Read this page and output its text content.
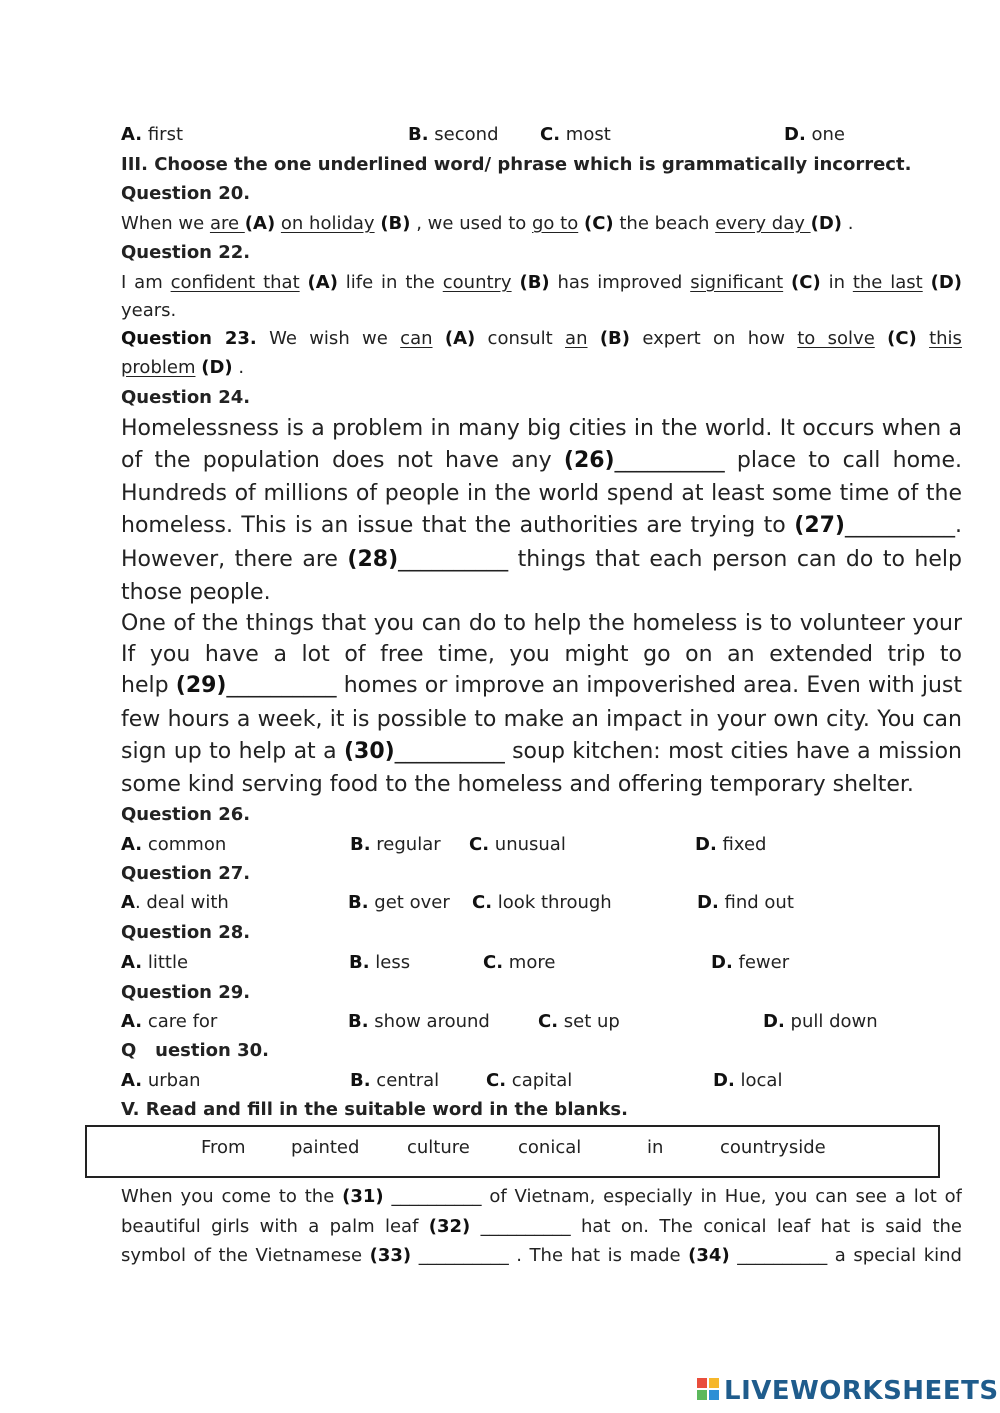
A. first	B. second C. most	D. one
III. Choose the one underlined word/ phrase which is grammatically incorrect.
Question 20.
When we are (A) on holiday (B) , we used to go to (C) the beach every day (D) .
Question 22.
I am confident that (A) life in the country (B) has improved significant (C) in the last (D)
years.
Question 23. We wish we can (A) consult an (B) expert on how to solve (C) this
problem (D) .
Question 24.
Homelessness is a problem in many big cities in the world. It occurs when a
of the population does not have any (26)__________ place to call home.
Hundreds of millions of people in the world spend at least some time of the
homeless. This is an issue that the authorities are trying to (27)__________.
However, there are (28)__________ things that each person can do to help
those people.
One of the things that you can do to help the homeless is to volunteer your
If you have a lot of free time, you might go on an extended trip to
help (29)__________ homes or improve an impoverished area. Even with just
few hours a week, it is possible to make an impact in your own city. You can
sign up to help at a (30)__________ soup kitchen: most cities have a mission
some kind serving food to the homeless and offering temporary shelter.
Question 26.
A. common	B. regular C. unusual	D. fixed
Question 27.
A. deal with	B. get over C. look through	D. find out
Question 28.
A. little	B. less	C. more	D. fewer
Question 29.
A. care for	B. show around	C. set up	D. pull down
Q uestion 30.
A. urban	B. central	C. capital	D. local
V. Read and fill in the suitable word in the blanks.
From	painted	culture	conical	in	countryside
When you come to the (31) __________ of Vietnam, especially in Hue, you can see a lot of
beautiful girls with a palm leaf (32) __________ hat on. The conical leaf hat is said the
symbol of the Vietnamese (33) __________ . The hat is made (34) __________ a special kind
LIVEWORKSHEETS
